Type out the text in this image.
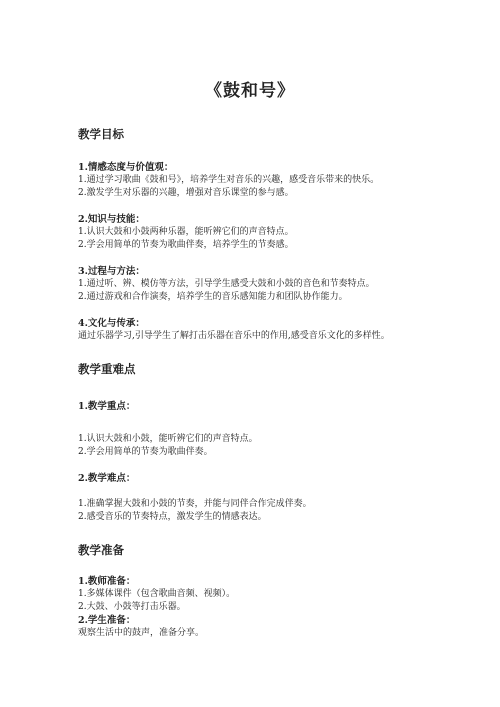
《鼓和号》
教学目标
1.情感态度与价值观：
1.通过学习歌曲《鼓和号》，培养学生对音乐的兴趣，感受音乐带来的快乐。
2.激发学生对乐器的兴趣，增强对音乐课堂的参与感。
2.知识与技能：
1.认识大鼓和小鼓两种乐器，能听辨它们的声音特点。
2.学会用简单的节奏为歌曲伴奏，培养学生的节奏感。
3.过程与方法：
1.通过听、辨、模仿等方法，引导学生感受大鼓和小鼓的音色和节奏特点。
2.通过游戏和合作演奏，培养学生的音乐感知能力和团队协作能力。
4.文化与传承：
通过乐器学习,引导学生了解打击乐器在音乐中的作用,感受音乐文化的多样性。
教学重难点
1.教学重点：
1.认识大鼓和小鼓，能听辨它们的声音特点。
2.学会用简单的节奏为歌曲伴奏。
2.教学难点：
1.准确掌握大鼓和小鼓的节奏，并能与同伴合作完成伴奏。
2.感受音乐的节奏特点，激发学生的情感表达。
教学准备
1.教师准备：
1.多媒体课件（包含歌曲音频、视频）。
2.大鼓、小鼓等打击乐器。
2.学生准备：
观察生活中的鼓声，准备分享。
